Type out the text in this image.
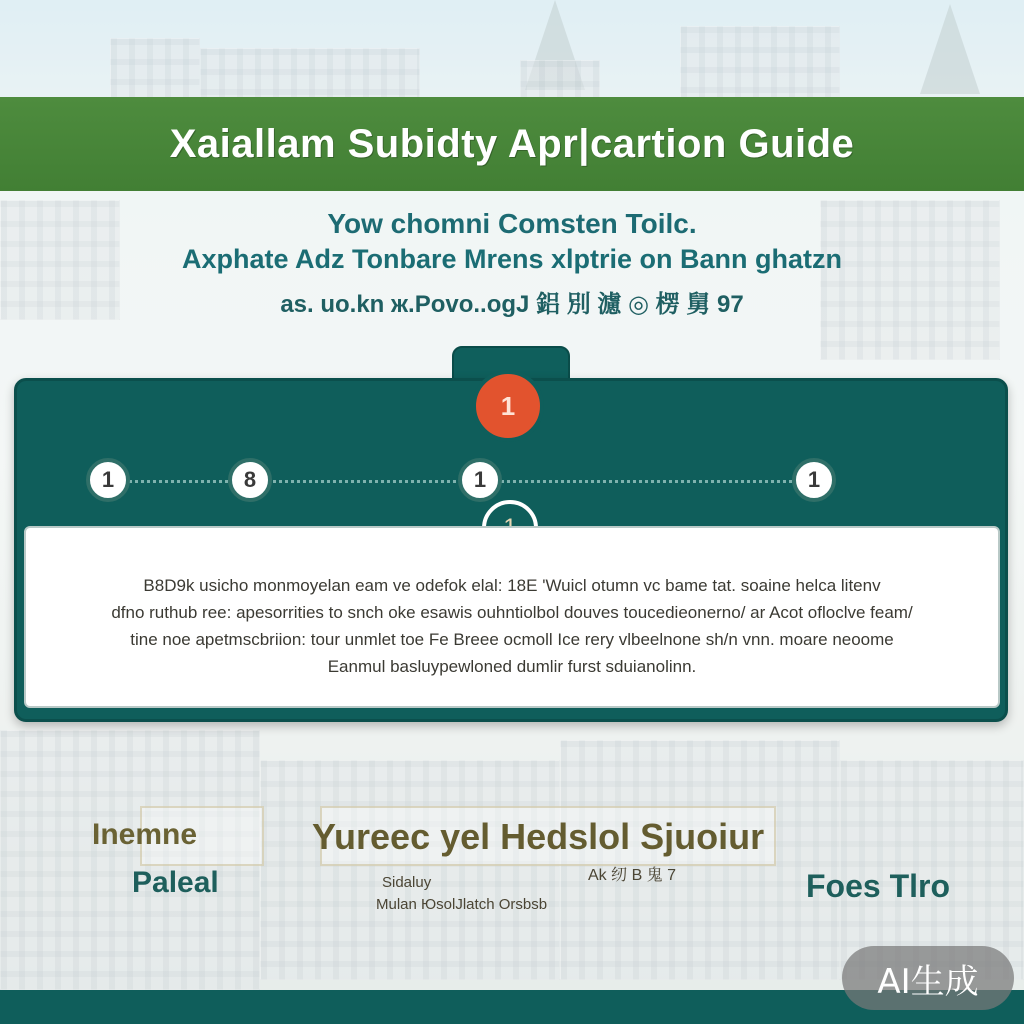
Xaiallam Subidty Apr|cartion Guide
Yow chomni Comsten Toilc.
Axphate Adz Tonbare Mrens xlptrie on Bann ghatzn
as. uo.kn ж.Povo..ogJ 鋁 別 濾 ◎ 楞 舅 97
1	8	1	1
1

B8D9k usicho monmoyelan eam ve odefok elal: 18E 'Wuicl otumn vc bame tat. soaine helca litenv

dfno ruthub ree: apesorrities to snch oke esawis ouhntiolbol douves toucedieonerno/ ar Acot ofloclve feam/

tine noe apetmscbriion: tour unmlet toe Fe Breee ocmoll Ice rery vlbeelnone sh/n vnn. moare neoome

Eanmul basluypewloned dumlir furst sduianolinn.

Inemne
Paleal
Yureec yel Hedslol Sjuoiur
Ak 纫 B 鬼 7
Sidaluy
Mulan ЮsolJlatch Orsbsb
Foes Tlro
AI生成
